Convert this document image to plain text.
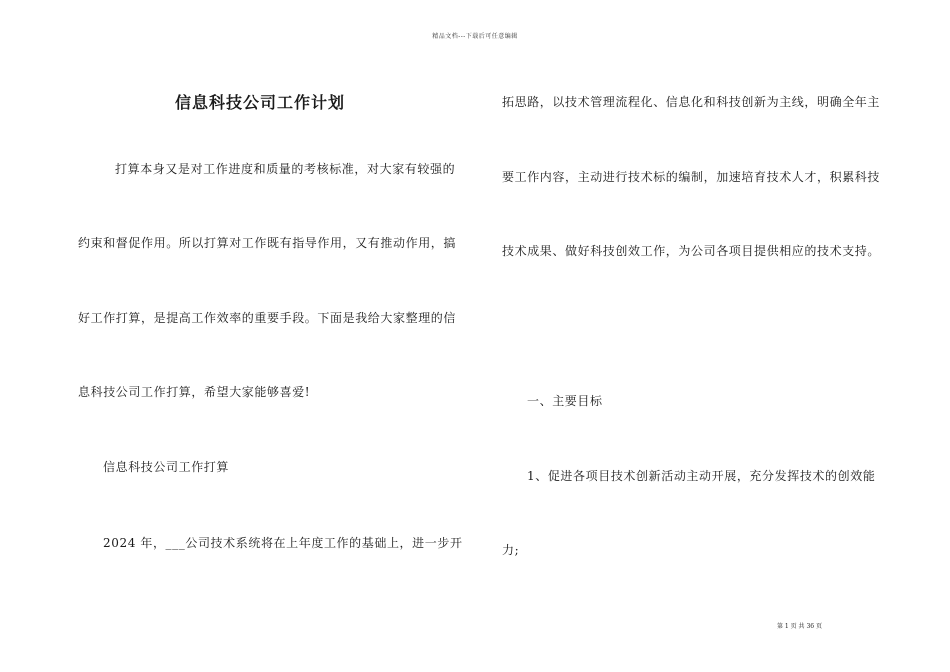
精品文档---下载后可任意编辑
信息科技公司工作计划
打算本身又是对工作进度和质量的考核标准，对大家有较强的
约束和督促作用。所以打算对工作既有指导作用，又有推动作用，搞
好工作打算，是提高工作效率的重要手段。下面是我给大家整理的信
息科技公司工作打算，希望大家能够喜爱!
信息科技公司工作打算
2024 年，___公司技术系统将在上年度工作的基础上，进一步开
拓思路，以技术管理流程化、信息化和科技创新为主线，明确全年主
要工作内容，主动进行技术标的编制，加速培育技术人才，积累科技
技术成果、做好科技创效工作，为公司各项目提供相应的技术支持。
一、主要目标
1、促进各项目技术创新活动主动开展，充分发挥技术的创效能
力;
第 1 页 共 36 页
